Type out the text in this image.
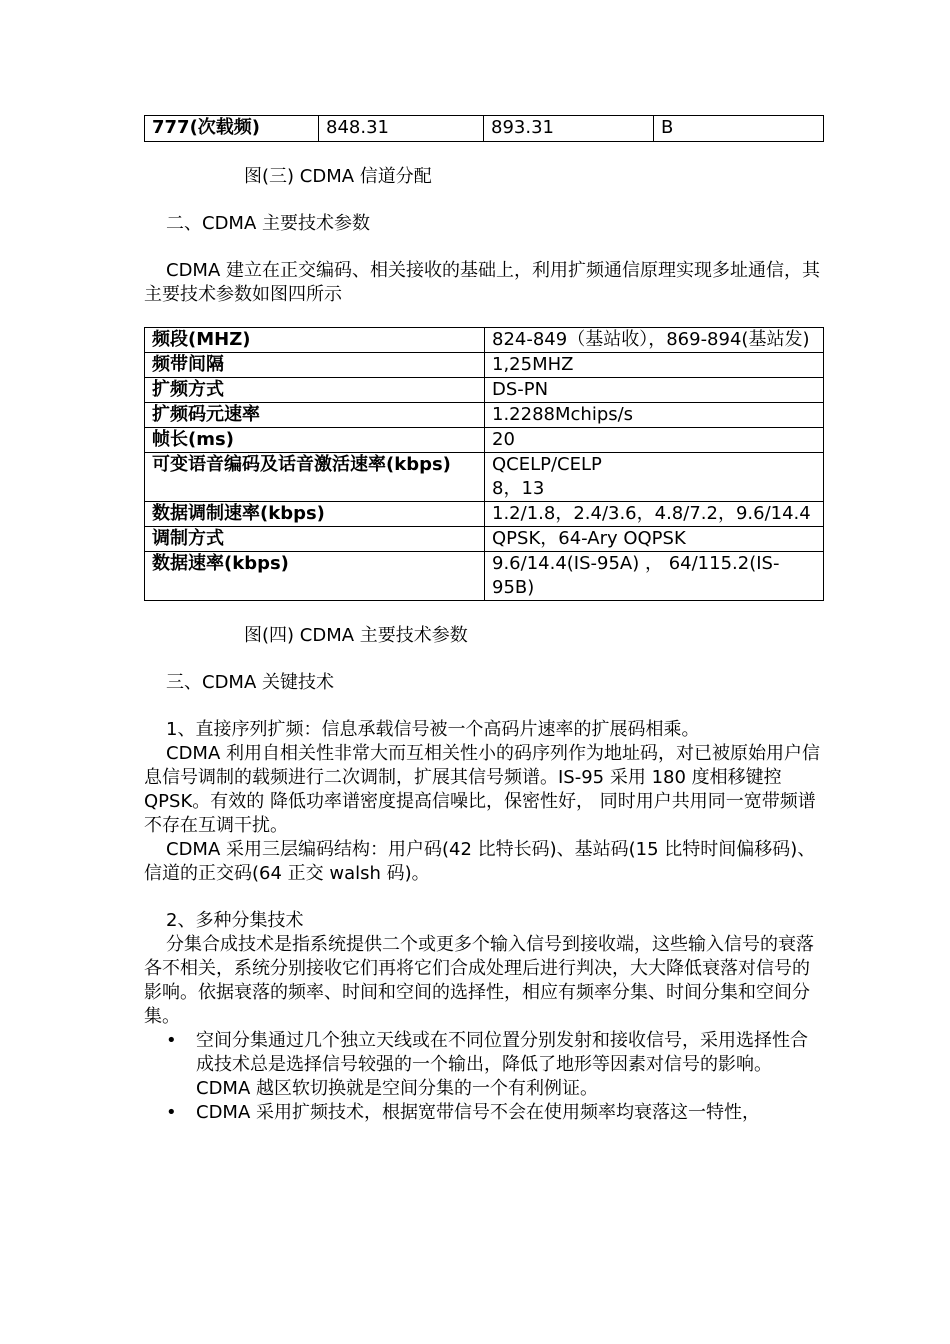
777(次载频)	848.31	893.31	B

图(三) CDMA 信道分配

二、CDMA 主要技术参数

CDMA 建立在正交编码、相关接收的基础上，利用扩频通信原理实现多址通信，其主要技术参数如图四所示

频段(MHZ)	824-849（基站收），869-894(基站发)
频带间隔	1,25MHZ
扩频方式	DS-PN
扩频码元速率	1.2288Mchips/s
帧长(ms)	20
可变语音编码及话音激活速率(kbps)	QCELP/CELP
8，13
数据调制速率(kbps)	1.2/1.8，2.4/3.6，4.8/7.2，9.6/14.4
调制方式	QPSK，64-Ary OQPSK
数据速率(kbps)	9.6/14.4(IS-95A) ， 64/115.2(IS-95B)

图(四) CDMA 主要技术参数

三、CDMA 关键技术

1、直接序列扩频：信息承载信号被一个高码片速率的扩展码相乘。

CDMA 利用自相关性非常大而互相关性小的码序列作为地址码，对已被原始用户信息信号调制的载频进行二次调制，扩展其信号频谱。IS-95 采用 180 度相移键控 QPSK。有效的 降低功率谱密度提高信噪比，保密性好， 同时用户共用同一宽带频谱不存在互调干扰。

CDMA 采用三层编码结构：用户码(42 比特长码)、基站码(15 比特时间偏移码)、信道的正交码(64 正交 walsh 码)。

2、多种分集技术

分集合成技术是指系统提供二个或更多个输入信号到接收端，这些输入信号的衰落各不相关，系统分别接收它们再将它们合成处理后进行判决，大大降低衰落对信号的影响。依据衰落的频率、时间和空间的选择性，相应有频率分集、时间分集和空间分集。

• 空间分集通过几个独立天线或在不同位置分别发射和接收信号，采用选择性合成技术总是选择信号较强的一个输出，降低了地形等因素对信号的影响。CDMA 越区软切换就是空间分集的一个有利例证。
• CDMA 采用扩频技术，根据宽带信号不会在使用频率均衰落这一特性，
